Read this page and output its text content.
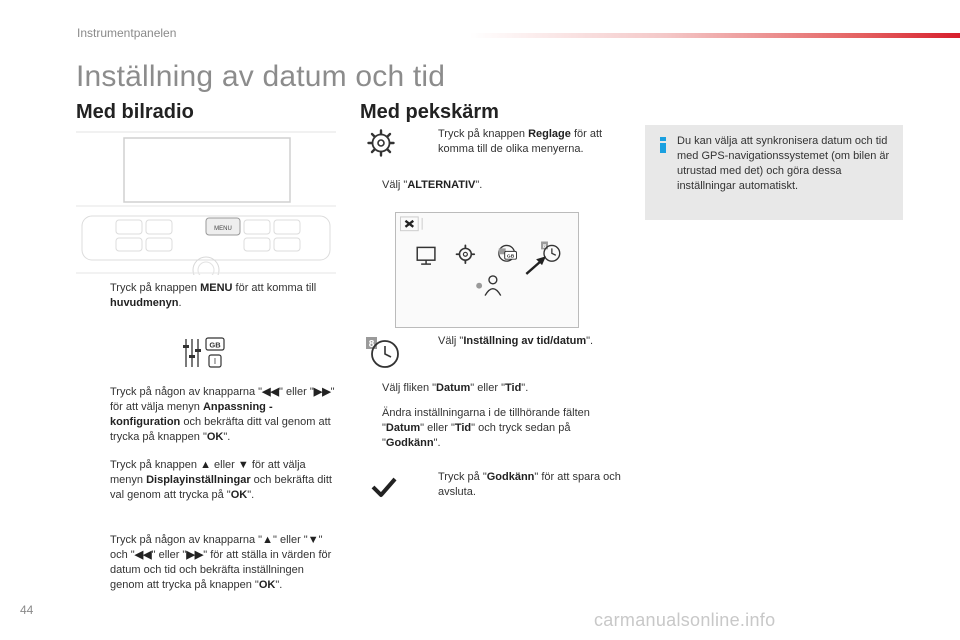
Instrumentpanelen
Inställning av datum och tid
Med bilradio	Med pekskärm
MENU
Tryck på knappen MENU för att komma till huvudmenyn.
GB
I
Tryck på någon av knapparna "◀◀" eller "▶▶" för att välja menyn Anpassning - konfiguration och bekräfta ditt val genom att trycka på knappen "OK".
Tryck på knappen ▲ eller ▼ för att välja menyn Displayinställningar och bekräfta ditt val genom att trycka på "OK".
Tryck på någon av knapparna "▲" eller "▼" och "◀◀" eller "▶▶" för att ställa in värden för datum och tid och bekräfta inställningen genom att trycka på knappen "OK".
Tryck på knappen Reglage för att komma till de olika menyerna.
Välj "ALTERNATIV".
GB
8
8	Välj "Inställning av tid/datum".
Välj fliken "Datum" eller "Tid".
Ändra inställningarna i de tillhörande fälten "Datum" eller "Tid" och tryck sedan på "Godkänn".
Tryck på "Godkänn" för att spara och avsluta.
Du kan välja att synkronisera datum och tid med GPS-navigationssystemet (om bilen är utrustad med det) och göra dessa inställningar automatiskt.
44	carmanualsonline.info
